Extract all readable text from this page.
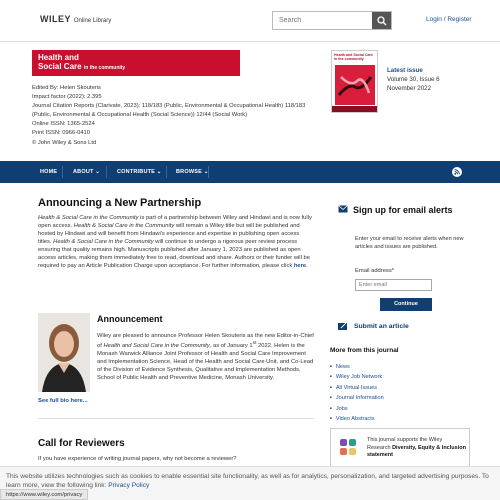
WILEY Online Library
Search	Login / Register
Health and
Social Care in the community
Edited By: Helen Skouteris
Impact factor (2022): 2.395
Journal Citation Reports (Clarivate, 2023): 118/183 (Public, Environmental & Occupational Health) 118/183
(Public, Environmental & Occupational Health (Social Science)) 12/44 (Social Work)
Online ISSN: 1365-2524
Print ISSN: 0966-0410
© John Wiley & Sons Ltd
Health and Social Care in the community
Latest issue
Volume 30, Issue 6
November 2022
HOME	ABOUT ⌄	CONTRIBUTE ⌄	BROWSE ⌄
Announcing a New Partnership

Health & Social Care in the Community is part of a partnership between Wiley and Hindawi and is now fully open access. Health & Social Care in the Community will remain a Wiley title but will be published and hosted by Hindawi and will benefit from Hindawi's experience and expertise in publishing open access titles. Health & Social Care in the Community will continue to undergo a rigorous peer review process ensuring that quality remains high. Manuscripts published after January 1, 2023 are published as open access articles, making them immediately free to read, download and share. Authors or their funder will be required to pay an Article Publication Charge upon acceptance. For further information, please click here.

Announcement

Wiley are pleased to announce Professor Helen Skouteris as the new Editor-in-Chief of Health and Social Care in the Community, as of January 1st 2022. Helen is the Monash Warwick Alliance Joint Professor of Health and Social Care Improvement and Implementation Science, Head of the Health and Social Care Unit, and Co-Lead of the Division of Evidence Synthesis, Qualitative and Implementation Methods, School of Public Health and Preventive Medicine, Monash University.

See full bio here...
Call for Reviewers
If you have experience of writing journal papers, why not become a reviewer?
Sign up for email alerts
Enter your email to receive alerts when new articles and issues are published.
Email address*
Enter email
Continue
Submit an article
More from this journal
■ News
■ Wiley Job Network
■ All Virtual Issues
■ Journal Information
■ Jobs
■ Video Abstracts
This journal supports the Wiley Research Diversity, Equity & Inclusion statement
This website utilizes technologies such as cookies to enable essential site functionality, as well as for analytics, personalization, and targeted advertising purposes. To learn more, view the following link: Privacy Policy
https://www.wiley.com/privacy
